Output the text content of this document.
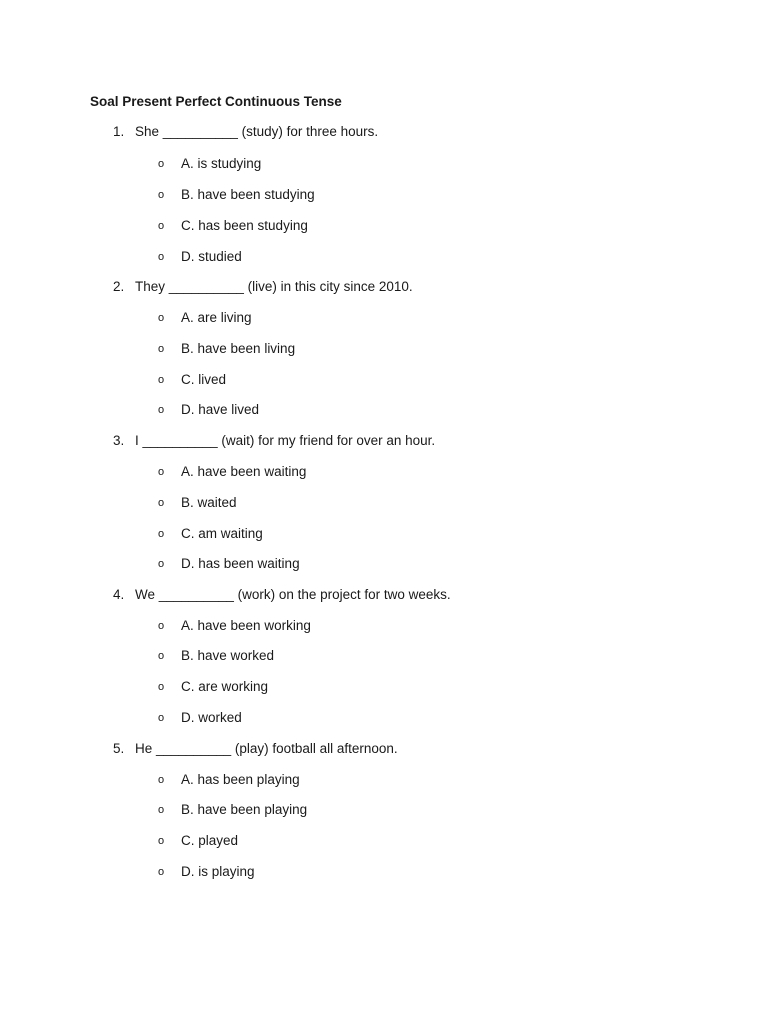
Soal Present Perfect Continuous Tense
1. She __________ (study) for three hours.
o A. is studying
o B. have been studying
o C. has been studying
o D. studied
2. They __________ (live) in this city since 2010.
o A. are living
o B. have been living
o C. lived
o D. have lived
3. I __________ (wait) for my friend for over an hour.
o A. have been waiting
o B. waited
o C. am waiting
o D. has been waiting
4. We __________ (work) on the project for two weeks.
o A. have been working
o B. have worked
o C. are working
o D. worked
5. He __________ (play) football all afternoon.
o A. has been playing
o B. have been playing
o C. played
o D. is playing
